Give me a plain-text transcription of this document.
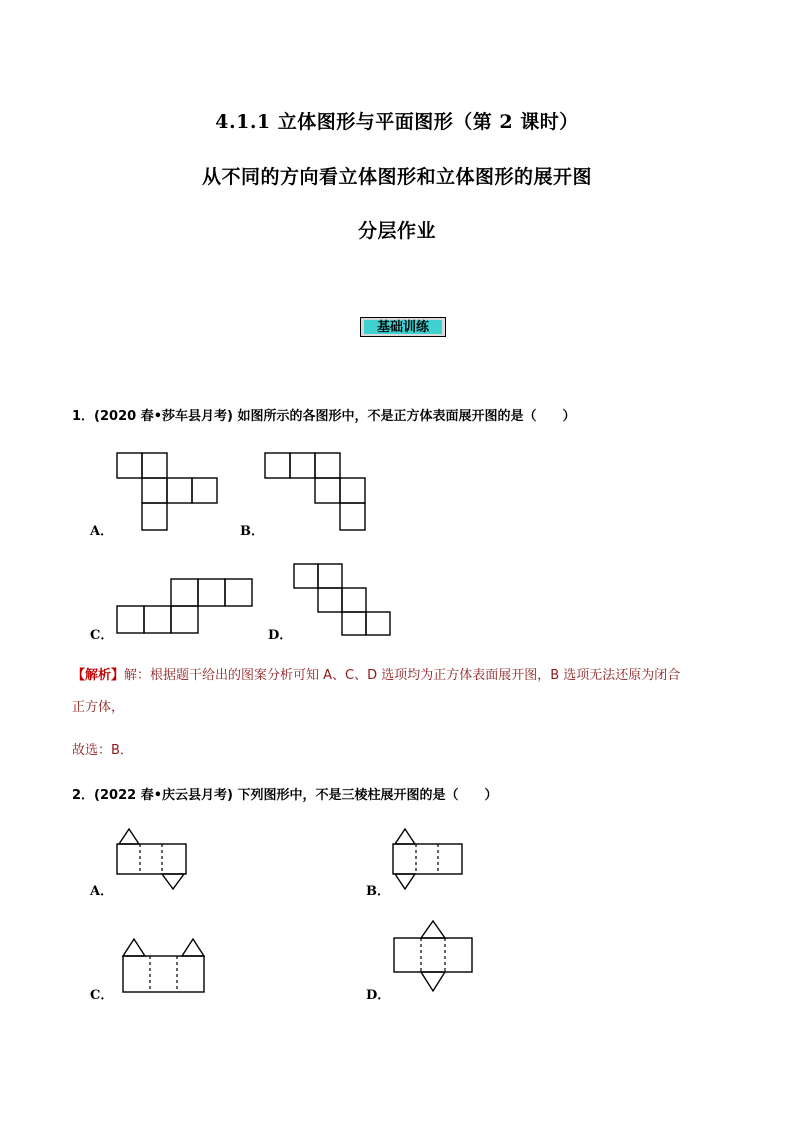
4.1.1 立体图形与平面图形（第 2 课时）
从不同的方向看立体图形和立体图形的展开图
分层作业
基础训练
1．(2020 春•莎车县月考) 如图所示的各图形中，不是正方体表面展开图的是（　　）
A．	B．
C．	D．
【解析】解：根据题干给出的图案分析可知 A、C、D 选项均为正方体表面展开图，B 选项无法还原为闭合
正方体，
故选：B．
2．(2022 春•庆云县月考) 下列图形中，不是三棱柱展开图的是（　　）
A．	B．
C．	D．
